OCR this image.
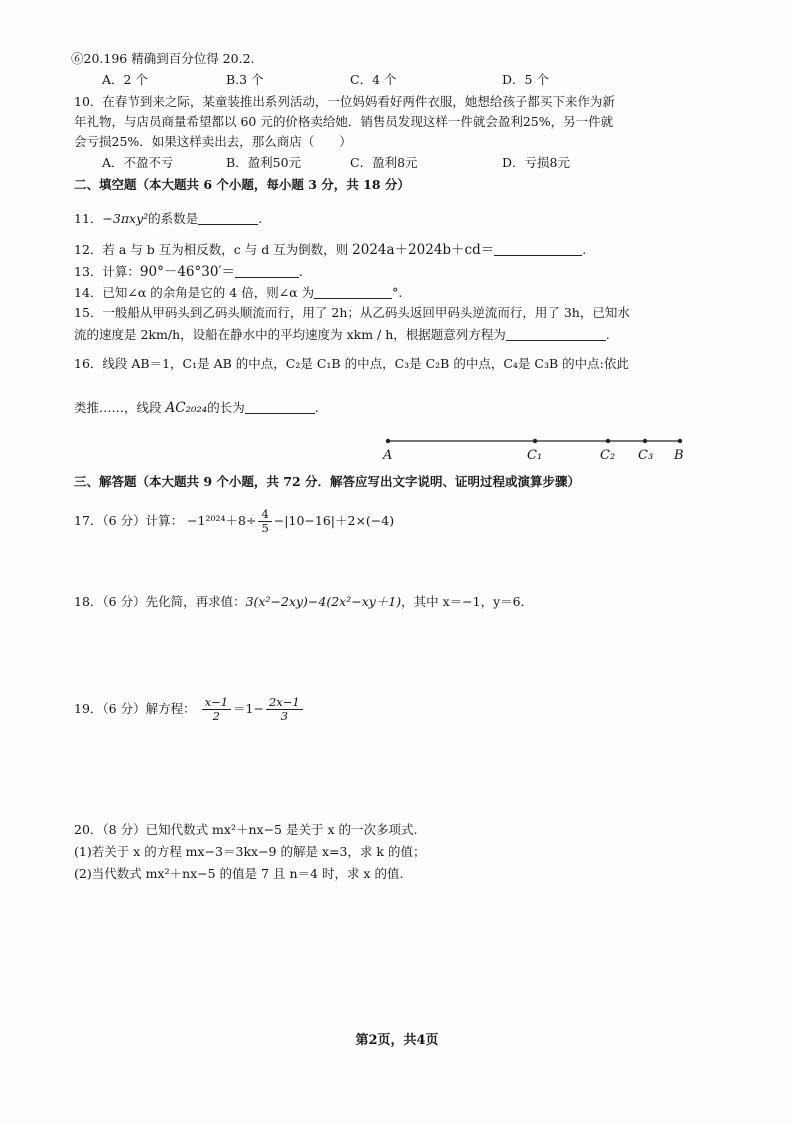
⑥20.196 精确到百分位得 20.2.
A．2 个	B.3 个	C．4 个	D．5 个
10．在春节到来之际，某童装推出系列活动，一位妈妈看好两件衣服，她想给孩子都买下来作为新
年礼物，与店员商量希望都以 60 元的价格卖给她．销售员发现这样一件就会盈利25%，另一件就
会亏损25%．如果这样卖出去，那么商店（　　）
A．不盈不亏	B．盈利50元	C．盈利8元	D．亏损8元
二、填空题（本大题共 6 个小题，每小题 3 分，共 18 分）
11．−3πxy²的系数是	.
12．若 a 与 b 互为相反数，c 与 d 互为倒数，则 2024a＋2024b＋cd＝	.
13．计算：90°－46°30′＝	.
14．已知∠α 的余角是它的 4 倍，则∠α 为	°.
15．一般船从甲码头到乙码头顺流而行，用了 2h；从乙码头返回甲码头逆流而行，用了 3h，已知水
流的速度是 2km/h，设船在静水中的平均速度为 xkm / h，根据题意列方程为	.
16．线段 AB＝1，C₁是 AB 的中点，C₂是 C₁B 的中点，C₃是 C₂B 的中点，C₄是 C₃B 的中点:依此
类推……，线段 AC₂₀₂₄的长为	.
A	C₁	C₂ C₃ B
三、解答题（本大题共 9 个小题，共 72 分．解答应写出文字说明、证明过程或演算步骤）
17．（6 分）计算： $-1^{2024}+8\div \frac{4}{5} -|10-16|+2\times(-4)$
18．（6 分）先化简，再求值：3(x²−2xy)−4(2x²−xy＋1)，其中 x＝−1，y＝6．
19．（6 分）解方程： $\frac{x-1}{2} =1- \frac{2x-1}{3}$
20．（8 分）已知代数式 mx²＋nx−5 是关于 x 的一次多项式.
(1)若关于 x 的方程 mx−3＝3kx−9 的解是 x=3，求 k 的值；
(2)当代数式 mx²＋nx−5 的值是 7 且 n＝4 时，求 x 的值.
第2页，共4页
